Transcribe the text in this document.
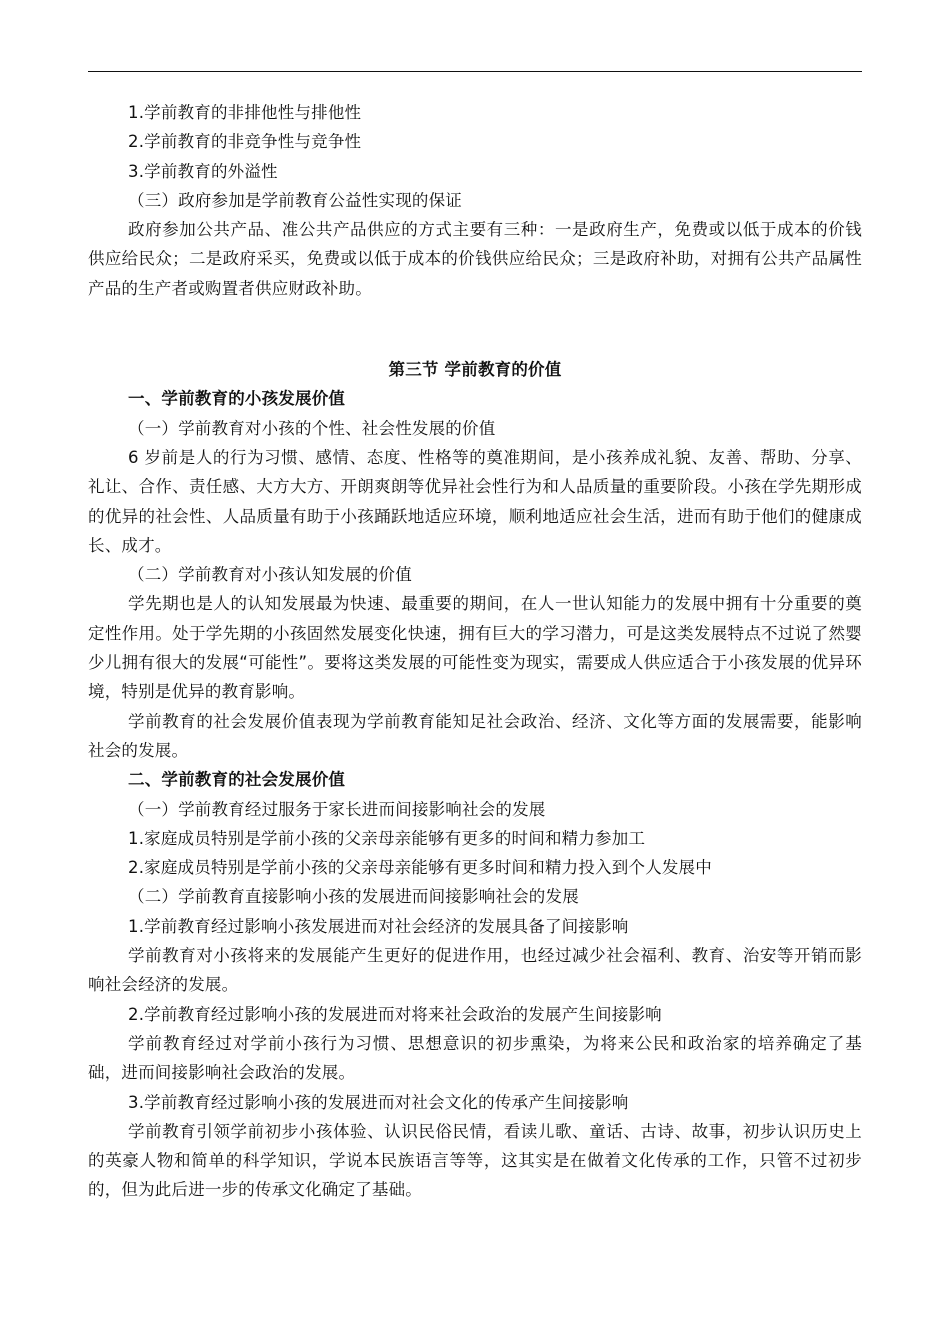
1.学前教育的非排他性与排他性

2.学前教育的非竞争性与竞争性

3.学前教育的外溢性

（三）政府参加是学前教育公益性实现的保证

政府参加公共产品、准公共产品供应的方式主要有三种：一是政府生产，免费或以低于成本的价钱供应给民众；二是政府采买，免费或以低于成本的价钱供应给民众；三是政府补助，对拥有公共产品属性产品的生产者或购置者供应财政补助。

第三节 学前教育的价值

一、学前教育的小孩发展价值

（一）学前教育对小孩的个性、社会性发展的价值

6 岁前是人的行为习惯、感情、态度、性格等的奠准期间，是小孩养成礼貌、友善、帮助、分享、礼让、合作、责任感、大方大方、开朗爽朗等优异社会性行为和人品质量的重要阶段。小孩在学先期形成的优异的社会性、人品质量有助于小孩踊跃地适应环境，顺利地适应社会生活，进而有助于他们的健康成长、成才。

（二）学前教育对小孩认知发展的价值

学先期也是人的认知发展最为快速、最重要的期间，在人一世认知能力的发展中拥有十分重要的奠定性作用。处于学先期的小孩固然发展变化快速，拥有巨大的学习潜力，可是这类发展特点不过说了然婴少儿拥有很大的发展“可能性”。要将这类发展的可能性变为现实，需要成人供应适合于小孩发展的优异环境，特别是优异的教育影响。

学前教育的社会发展价值表现为学前教育能知足社会政治、经济、文化等方面的发展需要，能影响社会的发展。

二、学前教育的社会发展价值

（一）学前教育经过服务于家长进而间接影响社会的发展

1.家庭成员特别是学前小孩的父亲母亲能够有更多的时间和精力参加工

2.家庭成员特别是学前小孩的父亲母亲能够有更多时间和精力投入到个人发展中

（二）学前教育直接影响小孩的发展进而间接影响社会的发展

1.学前教育经过影响小孩发展进而对社会经济的发展具备了间接影响

学前教育对小孩将来的发展能产生更好的促进作用，也经过减少社会福利、教育、治安等开销而影响社会经济的发展。

2.学前教育经过影响小孩的发展进而对将来社会政治的发展产生间接影响

学前教育经过对学前小孩行为习惯、思想意识的初步熏染，为将来公民和政治家的培养确定了基础，进而间接影响社会政治的发展。

3.学前教育经过影响小孩的发展进而对社会文化的传承产生间接影响

学前教育引领学前初步小孩体验、认识民俗民情，看读儿歌、童话、古诗、故事，初步认识历史上的英豪人物和简单的科学知识，学说本民族语言等等，这其实是在做着文化传承的工作，只管不过初步的，但为此后进一步的传承文化确定了基础。
